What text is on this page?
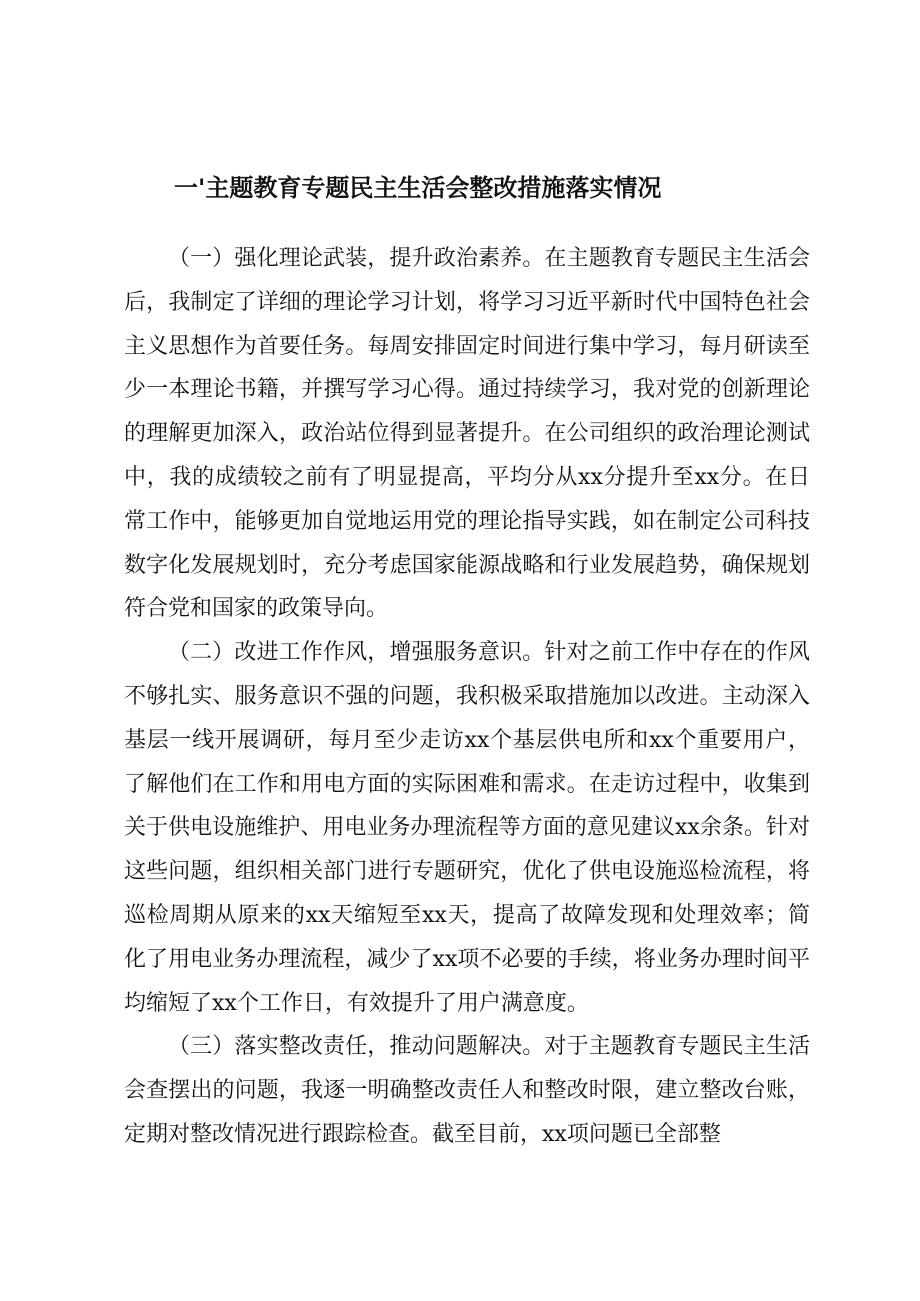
一'主题教育专题民主生活会整改措施落实情况

（一）强化理论武装，提升政治素养。在主题教育专题民主生活会后，我制定了详细的理论学习计划，将学习习近平新时代中国特色社会主义思想作为首要任务。每周安排固定时间进行集中学习，每月研读至少一本理论书籍，并撰写学习心得。通过持续学习，我对党的创新理论的理解更加深入，政治站位得到显著提升。在公司组织的政治理论测试中，我的成绩较之前有了明显提高，平均分从xx分提升至xx分。在日常工作中，能够更加自觉地运用党的理论指导实践，如在制定公司科技数字化发展规划时，充分考虑国家能源战略和行业发展趋势，确保规划符合党和国家的政策导向。

（二）改进工作作风，增强服务意识。针对之前工作中存在的作风不够扎实、服务意识不强的问题，我积极采取措施加以改进。主动深入基层一线开展调研，每月至少走访xx个基层供电所和xx个重要用户，了解他们在工作和用电方面的实际困难和需求。在走访过程中，收集到关于供电设施维护、用电业务办理流程等方面的意见建议xx余条。针对这些问题，组织相关部门进行专题研究，优化了供电设施巡检流程，将巡检周期从原来的xx天缩短至xx天，提高了故障发现和处理效率；简化了用电业务办理流程，减少了xx项不必要的手续，将业务办理时间平均缩短了xx个工作日，有效提升了用户满意度。

（三）落实整改责任，推动问题解决。对于主题教育专题民主生活会查摆出的问题，我逐一明确整改责任人和整改时限，建立整改台账，定期对整改情况进行跟踪检查。截至目前，xx项问题已全部整
